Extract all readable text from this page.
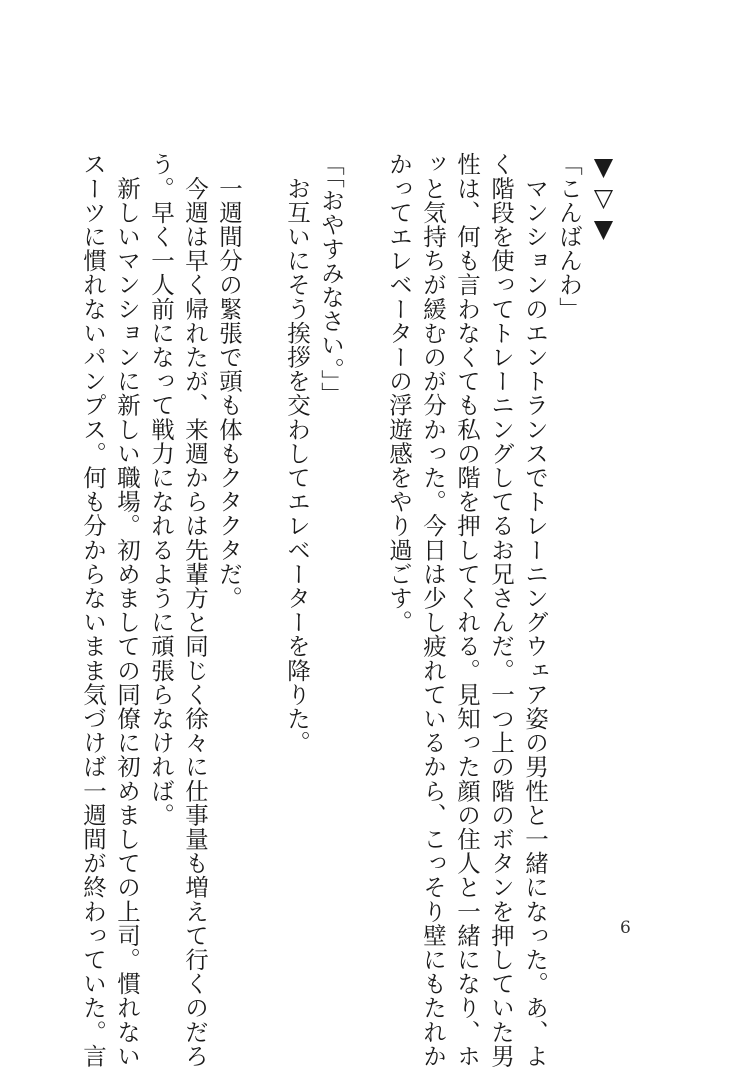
▼▽▼
「こんばんわ」
　マンションのエントランスでトレーニングウェア姿の男性と一緒になった。あ、よ
く階段を使ってトレーニングしてるお兄さんだ。一つ上の階のボタンを押していた男
性は、何も言わなくても私の階を押してくれる。見知った顔の住人と一緒になり、ホ
ッと気持ちが緩むのが分かった。今日は少し疲れているから、こっそり壁にもたれか
かってエレベーターの浮遊感をやり過ごす。
「「おやすみなさい。」」
　お互いにそう挨拶を交わしてエレベーターを降りた。
　一週間分の緊張で頭も体もクタクタだ。
　今週は早く帰れたが、来週からは先輩方と同じく徐々に仕事量も増えて行くのだろ
う。早く一人前になって戦力になれるように頑張らなければ。
　新しいマンションに新しい職場。初めましての同僚に初めましての上司。慣れない
スーツに慣れないパンプス。何も分からないまま気づけば一週間が終わっていた。言	6
